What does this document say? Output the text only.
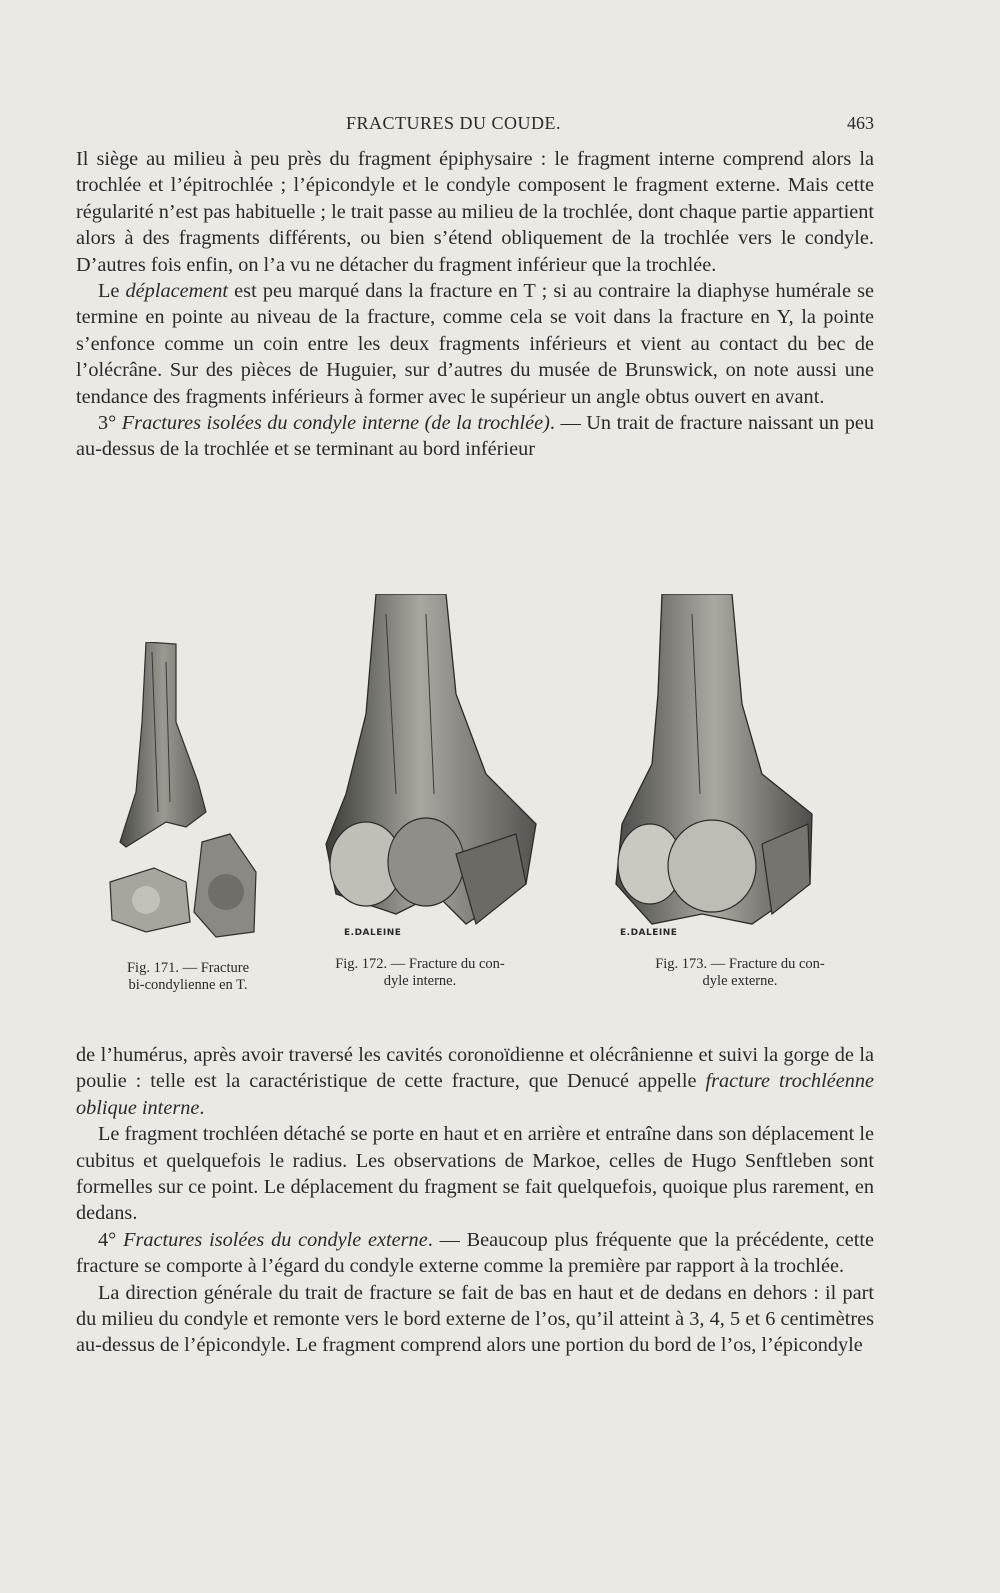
FRACTURES DU COUDE.	463

Il siège au milieu à peu près du fragment épiphysaire : le fragment interne comprend alors la trochlée et l’épitrochlée ; l’épicondyle et le condyle composent le fragment externe. Mais cette régularité n’est pas habituelle ; le trait passe au milieu de la trochlée, dont chaque partie appartient alors à des fragments différents, ou bien s’étend obliquement de la trochlée vers le condyle. D’autres fois enfin, on l’a vu ne détacher du fragment inférieur que la trochlée.

Le déplacement est peu marqué dans la fracture en T ; si au contraire la diaphyse humérale se termine en pointe au niveau de la fracture, comme cela se voit dans la fracture en Y, la pointe s’enfonce comme un coin entre les deux fragments inférieurs et vient au contact du bec de l’olécrâne. Sur des pièces de Huguier, sur d’autres du musée de Brunswick, on note aussi une tendance des fragments inférieurs à former avec le supérieur un angle obtus ouvert en avant.

3° Fractures isolées du condyle interne (de la trochlée). — Un trait de fracture naissant un peu au-dessus de la trochlée et se terminant au bord inférieur

E.DALEINE	E.DALEINE
Fig. 171. — Fracture
bi-condylienne en T.
Fig. 172. — Fracture du con-
dyle interne.
Fig. 173. — Fracture du con-
dyle externe.

de l’humérus, après avoir traversé les cavités coronoïdienne et olécrânienne et suivi la gorge de la poulie : telle est la caractéristique de cette fracture, que Denucé appelle fracture trochléenne oblique interne.

Le fragment trochléen détaché se porte en haut et en arrière et entraîne dans son déplacement le cubitus et quelquefois le radius. Les observations de Markoe, celles de Hugo Senftleben sont formelles sur ce point. Le déplacement du fragment se fait quelquefois, quoique plus rarement, en dedans.

4° Fractures isolées du condyle externe. — Beaucoup plus fréquente que la précédente, cette fracture se comporte à l’égard du condyle externe comme la première par rapport à la trochlée.

La direction générale du trait de fracture se fait de bas en haut et de dedans en dehors : il part du milieu du condyle et remonte vers le bord externe de l’os, qu’il atteint à 3, 4, 5 et 6 centimètres au-dessus de l’épicondyle. Le fragment comprend alors une portion du bord de l’os, l’épicondyle
